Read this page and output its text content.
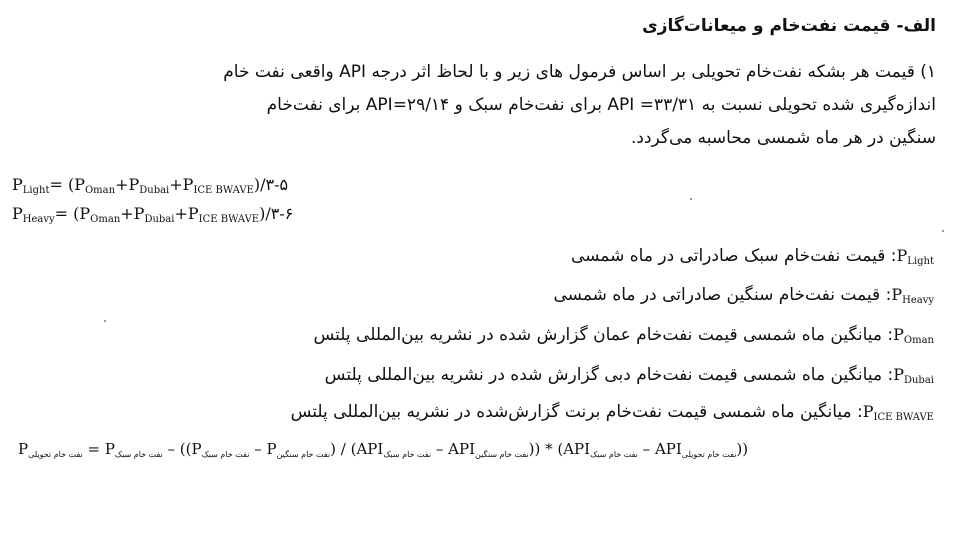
الف- قیمت نفت‌خام و میعانات‌گازی
۱) قیمت هر بشکه نفت‌خام تحویلی بر اساس فرمول های زیر و با لحاظ اثر درجه API واقعی نفت خام
اندازه‌گیری شده تحویلی نسبت به API =۳۳/۳۱ برای نفت‌خام سبک و API=۲۹/۱۴ برای نفت‌خام
سنگین در هر ماه شمسی محاسبه می‌گردد.
$P_{Light}=$ $(P_{Oman}+P_{Dubai}+P_{ICE BWAVE})/۳-۵$
$P_{Heavy}=$ $(P_{Oman}+P_{Dubai}+P_{ICE BWAVE})/۳-۶$
: قیمت نفت‌خام سبک صادراتی در ماه شمسیP$_{Light}$
: قیمت نفت‌خام سنگین صادراتی در ماه شمسیP$_{Heavy}$
: میانگین ماه شمسی قیمت نفت‌خام عمان گزارش شده در نشریه بین‌المللی پلتسP$_{Oman}$
: میانگین ماه شمسی قیمت نفت‌خام دبی گزارش شده در نشریه بین‌المللی پلتسP$_{Dubai}$
: میانگین ماه شمسی قیمت نفت‌خام برنت گزارش‌شده در نشریه بین‌المللی پلتسP$_{ICE BWAVE}$
$P_{نفت خام تحویلی} = P_{نفت خام سبک} - ((P_{نفت خام سبک} - P_{نفت خام سنگین}) / (API_{نفت خام سبک} - API_{نفت خام سنگین})) * (API_{نفت خام سبک} - API_{نفت خام تحویلی})$)
